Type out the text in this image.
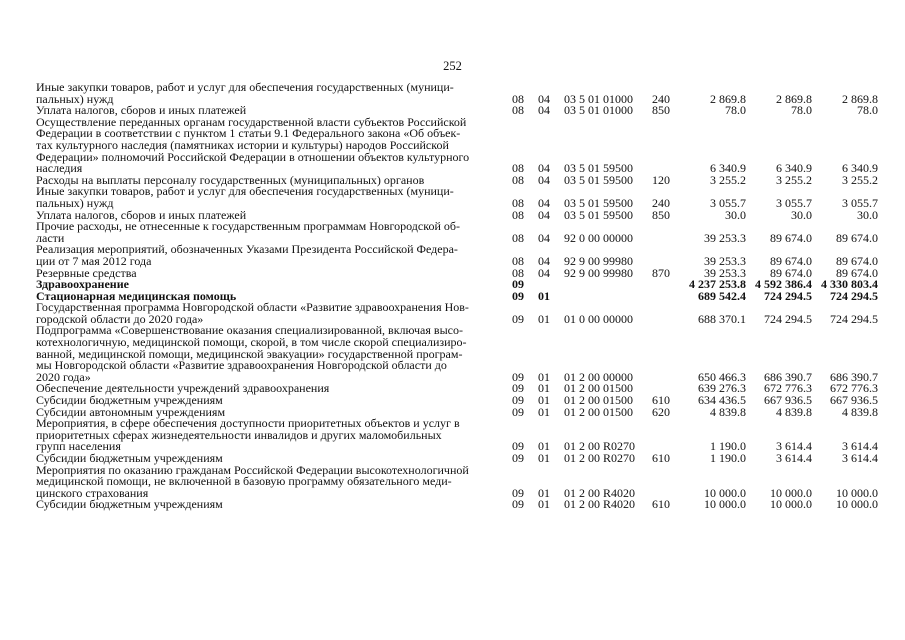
252
Иные закупки товаров, работ и услуг для обеспечения государственных (муници-
пальных) нужд	08	04	03 5 01 01000	240	2 869.8	2 869.8	2 869.8

Уплата налогов, сборов и иных платежей	08	04	03 5 01 01000	850	78.0	78.0	78.0

Осуществление переданных органам государственной власти субъектов Российской
Федерации в соответствии с пунктом 1 статьи 9.1 Федерального закона «Об объек-
тах культурного наследия (памятниках истории и культуры) народов Российской
Федерации» полномочий Российской Федерации в отношении объектов культурного
наследия	08	04	03 5 01 59500		6 340.9	6 340.9	6 340.9

Расходы на выплаты персоналу государственных (муниципальных) органов	08	04	03 5 01 59500	120	3 255.2	3 255.2	3 255.2

Иные закупки товаров, работ и услуг для обеспечения государственных (муници-
пальных) нужд	08	04	03 5 01 59500	240	3 055.7	3 055.7	3 055.7

Уплата налогов, сборов и иных платежей	08	04	03 5 01 59500	850	30.0	30.0	30.0

Прочие расходы, не отнесенные к государственным программам Новгородской об-
ласти	08	04	92 0 00 00000		39 253.3	89 674.0	89 674.0

Реализация мероприятий, обозначенных Указами Президента Российской Федера-
ции от 7 мая 2012 года	08	04	92 9 00 99980		39 253.3	89 674.0	89 674.0

Резервные средства	08	04	92 9 00 99980	870	39 253.3	89 674.0	89 674.0

Здравоохранение	09				4 237 253.8	4 592 386.4	4 330 803.4

Стационарная медицинская помощь	09	01			689 542.4	724 294.5	724 294.5

Государственная программа Новгородской области «Развитие здравоохранения Нов-
городской области до 2020 года»	09	01	01 0 00 00000		688 370.1	724 294.5	724 294.5

Подпрограмма «Совершенствование оказания специализированной, включая высо-
котехнологичную, медицинской помощи, скорой, в том числе скорой специализиро-
ванной, медицинской помощи, медицинской эвакуации» государственной програм-
мы Новгородской области «Развитие здравоохранения Новгородской области до
2020 года»	09	01	01 2 00 00000		650 466.3	686 390.7	686 390.7

Обеспечение деятельности учреждений здравоохранения	09	01	01 2 00 01500		639 276.3	672 776.3	672 776.3

Субсидии бюджетным учреждениям	09	01	01 2 00 01500	610	634 436.5	667 936.5	667 936.5

Субсидии автономным учреждениям	09	01	01 2 00 01500	620	4 839.8	4 839.8	4 839.8

Мероприятия, в сфере обеспечения доступности приоритетных объектов и услуг в
приоритетных сферах жизнедеятельности инвалидов и других маломобильных
групп населения	09	01	01 2 00 R0270		1 190.0	3 614.4	3 614.4

Субсидии бюджетным учреждениям	09	01	01 2 00 R0270	610	1 190.0	3 614.4	3 614.4

Мероприятия по оказанию гражданам Российской Федерации высокотехнологичной
медицинской помощи, не включенной в базовую программу обязательного меди-
цинского страхования	09	01	01 2 00 R4020		10 000.0	10 000.0	10 000.0

Субсидии бюджетным учреждениям	09	01	01 2 00 R4020	610	10 000.0	10 000.0	10 000.0
